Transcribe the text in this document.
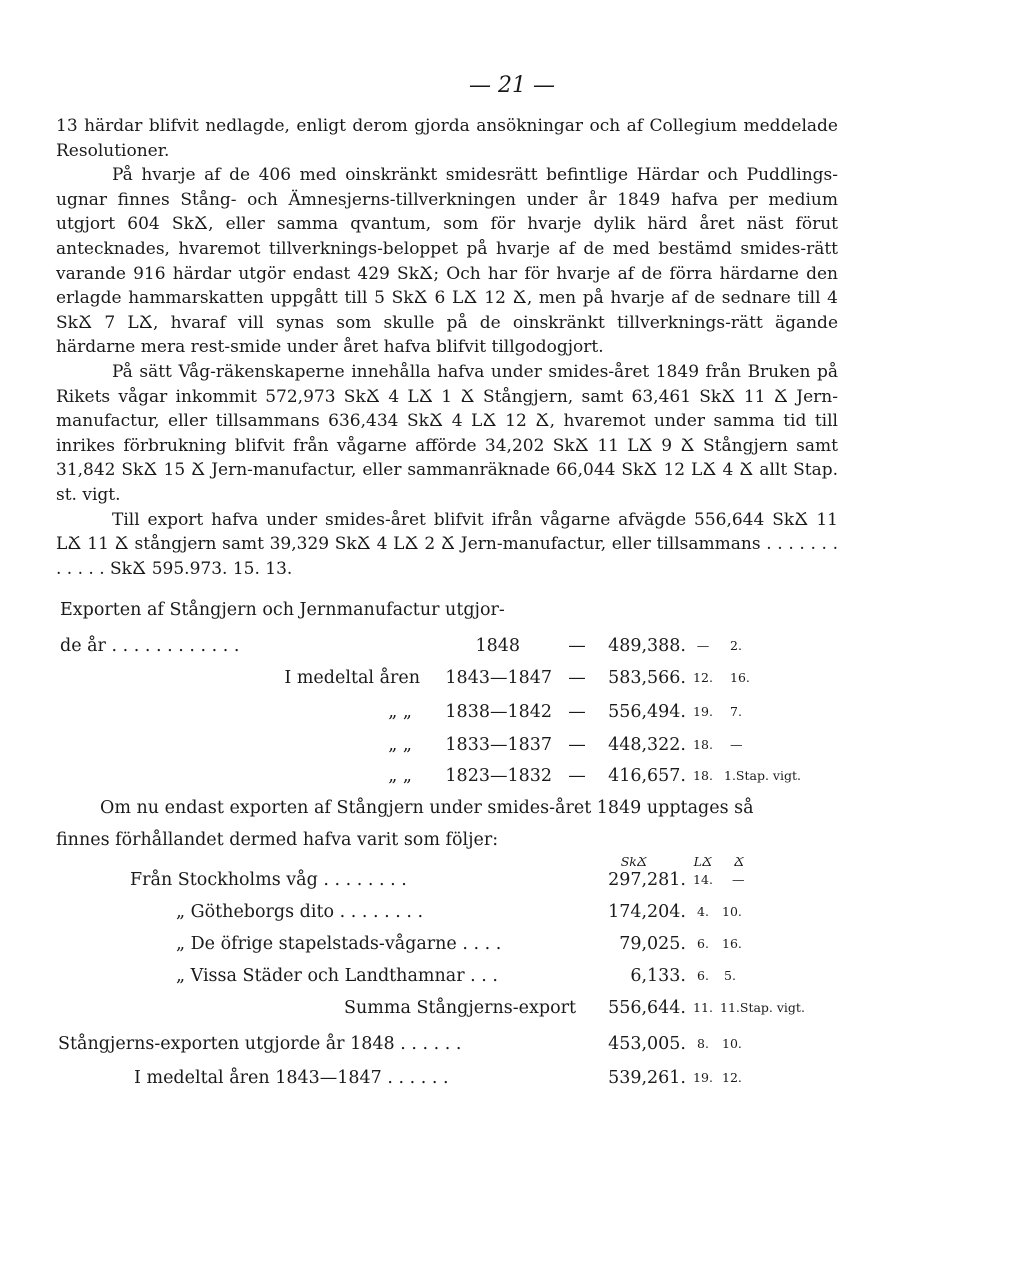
— 21 —

13 härdar blifvit nedlagde, enligt derom gjorda ansökningar och af Collegium meddelade Resolutioner.

På hvarje af de 406 med oinskränkt smidesrätt befintlige Härdar och Puddlings-ugnar finnes Stång- och Ämnesjerns-tillverkningen under år 1849 hafva per medium utgjort 604 SkՃ, eller samma qvantum, som för hvarje dylik härd året näst förut antecknades, hvaremot tillverknings-beloppet på hvarje af de med bestämd smides-rätt varande 916 härdar utgör endast 429 SkՃ; Och har för hvarje af de förra härdarne den erlagde hammarskatten uppgått till 5 SkՃ 6 LՃ 12 Ճ, men på hvarje af de sednare till 4 SkՃ 7 LՃ, hvaraf vill synas som skulle på de oinskränkt tillverknings-rätt ägande härdarne mera rest-smide under året hafva blifvit tillgodogjort.

På sätt Våg-räkenskaperne innehålla hafva under smides-året 1849 från Bruken på Rikets vågar inkommit 572,973 SkՃ 4 LՃ 1 Ճ Stångjern, samt 63,461 SkՃ 11 Ճ Jern-manufactur, eller tillsammans 636,434 SkՃ 4 LՃ 12 Ճ, hvaremot under samma tid till inrikes förbrukning blifvit från vågarne afförde 34,202 SkՃ 11 LՃ 9 Ճ Stångjern samt 31,842 SkՃ 15 Ճ Jern-manufactur, eller sammanräknade 66,044 SkՃ 12 LՃ 4 Ճ allt Stap. st. vigt.

Till export hafva under smides-året blifvit ifrån vågarne afvägde 556,644 SkՃ 11 LՃ 11 Ճ stångjern samt 39,329 SkՃ 4 LՃ 2 Ճ Jern-manufactur, eller tillsammans . . . . . . . . . . . . SkՃ 595.973. 15. 13.

Exporten af Stångjern och Jernmanufactur utgjor-
de år . . . . . . . . . . . .	1848	—	489,388. —	2.
I medeltal åren	1843—1847 —	583,566. 12.	16.
„ „	1838—1842 —	556,494. 19.	7.
„ „	1833—1837 —	448,322. 18.	—
„ „	1823—1832 —	416,657. 18. 1.Stap. vigt.
Om nu endast exporten af Stångjern under smides-året 1849 upptages så
finnes förhållandet dermed hafva varit som följer:
SkՃ	LՃ	Ճ
Från Stockholms våg . . . . . . . .	297,281. 14.	—
„ Götheborgs dito . . . . . . . .	174,204. 4.	10.
„ De öfrige stapelstads-vågarne . . . .	79,025. 6.	16.
„ Vissa Städer och Landthamnar . . .	6,133. 6.	5.
Summa Stångjerns-export	556,644. 11. 11.Stap. vigt.
Stångjerns-exporten utgjorde år 1848 . . . . . .	453,005. 8.	10.
I medeltal åren 1843—1847 . . . . . .	539,261. 19. 12.
